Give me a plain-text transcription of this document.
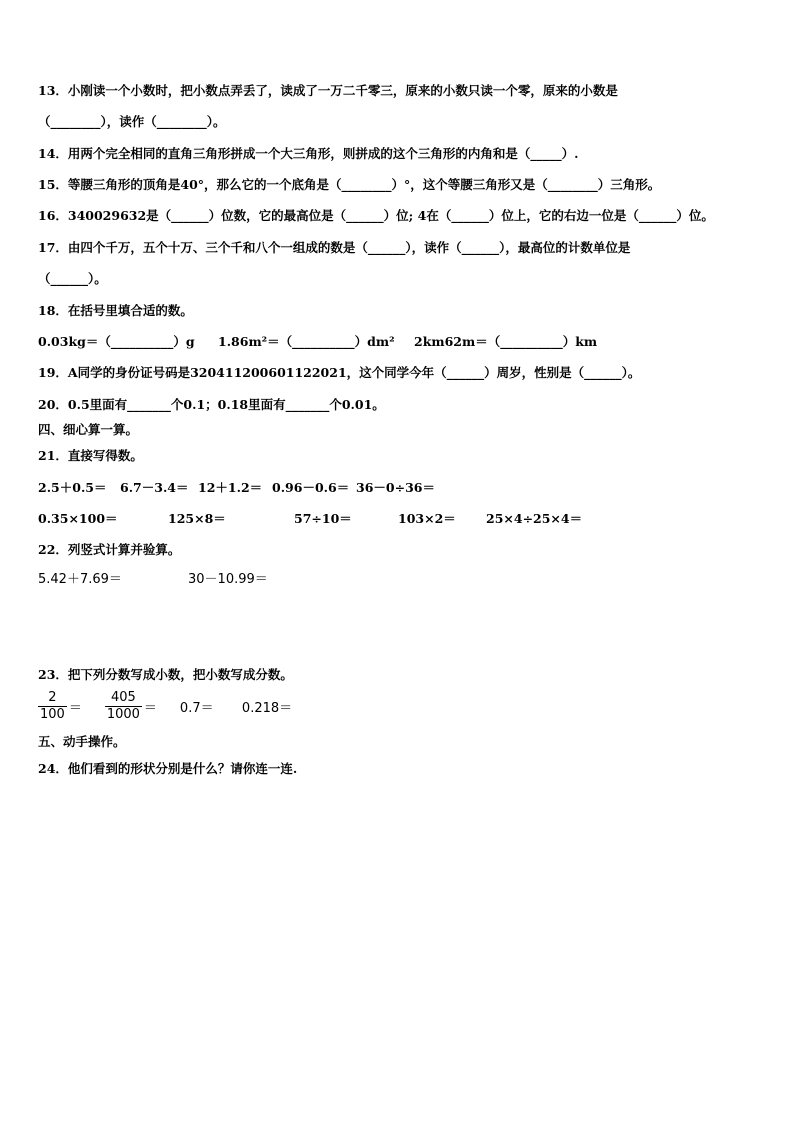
13．小刚读一个小数时，把小数点弄丢了，读成了一万二千零三，原来的小数只读一个零，原来的小数是
（________），读作（________）。
14．用两个完全相同的直角三角形拼成一个大三角形，则拼成的这个三角形的内角和是（_____）.
15．等腰三角形的顶角是40°，那么它的一个底角是（________）°，这个等腰三角形又是（________）三角形。
16．340029632是（______）位数，它的最高位是（______）位; 4在（______）位上，它的右边一位是（______）位。
17．由四个千万，五个十万、三个千和八个一组成的数是（______），读作（______），最高位的计数单位是
（______）。
18．在括号里填合适的数。
0.03kg＝（__________）g	1.86m²＝（__________）dm²	2km62m＝（__________）km
19．A同学的身份证号码是320411200601122021，这个同学今年（______）周岁，性别是（______）。
20．0.5里面有_______个0.1；0.18里面有_______个0.01。
四、细心算一算。
21．直接写得数。
2.5＋0.5＝	6.7－3.4＝ 12＋1.2＝ 0.96－0.6＝ 36－0÷36＝
0.35×100＝	125×8＝	57÷10＝	103×2＝	25×4÷25×4＝
22．列竖式计算并验算。
5.42＋7.69＝	30－10.99＝
23．把下列分数写成小数，把小数写成分数。
$\frac{2}{100}$ ＝	$\frac{405}{1000}$ ＝	0.7＝	0.218＝
五、动手操作。
24．他们看到的形状分别是什么？请你连一连.
